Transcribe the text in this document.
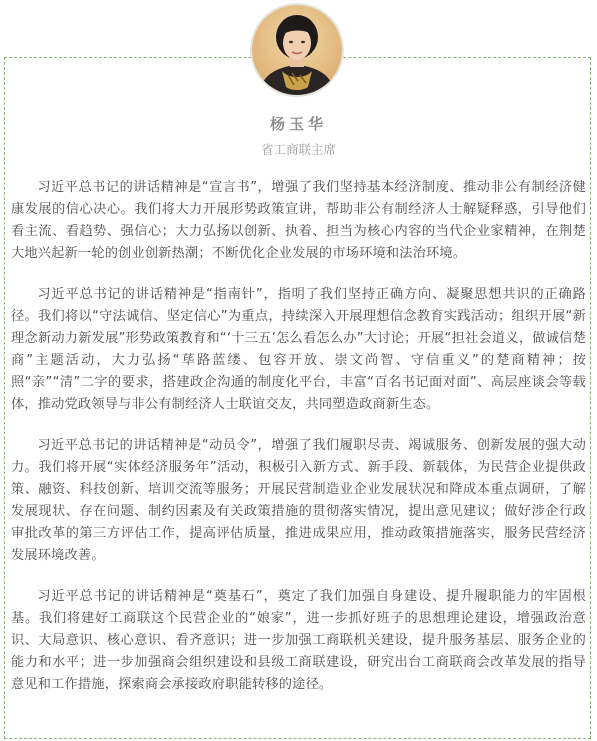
杨玉华
省工商联主席

习近平总书记的讲话精神是“宣言书”，增强了我们坚持基本经济制度、推动非公有制经济健康发展的信心决心。我们将大力开展形势政策宣讲，帮助非公有制经济人士解疑释惑，引导他们看主流、看趋势、强信心；大力弘扬以创新、执着、担当为核心内容的当代企业家精神，在荆楚大地兴起新一轮的创业创新热潮；不断优化企业发展的市场环境和法治环境。

习近平总书记的讲话精神是“指南针”，指明了我们坚持正确方向、凝聚思想共识的正确路径。我们将以“守法诚信、坚定信心”为重点，持续深入开展理想信念教育实践活动；组织开展“新理念新动力新发展”形势政策教育和“‘十三五’怎么看怎么办”大讨论；开展“担社会道义，做诚信楚商”主题活动，大力弘扬“荜路蓝缕、包容开放、崇文尚智、守信重义”的楚商精神；按照“亲”“清”二字的要求，搭建政企沟通的制度化平台，丰富“百名书记面对面”、高层座谈会等载体，推动党政领导与非公有制经济人士联谊交友，共同塑造政商新生态。

习近平总书记的讲话精神是“动员令”，增强了我们履职尽责、竭诚服务、创新发展的强大动力。我们将开展“实体经济服务年”活动，积极引入新方式、新手段、新载体，为民营企业提供政策、融资、科技创新、培训交流等服务；开展民营制造业企业发展状况和降成本重点调研，了解发展现状、存在问题、制约因素及有关政策措施的贯彻落实情况，提出意见建议；做好涉企行政审批改革的第三方评估工作，提高评估质量，推进成果应用，推动政策措施落实，服务民营经济发展环境改善。

习近平总书记的讲话精神是“奠基石”，奠定了我们加强自身建设、提升履职能力的牢固根基。我们将建好工商联这个民营企业的“娘家”，进一步抓好班子的思想理论建设，增强政治意识、大局意识、核心意识、看齐意识；进一步加强工商联机关建设，提升服务基层、服务企业的能力和水平；进一步加强商会组织建设和县级工商联建设，研究出台工商联商会改革发展的指导意见和工作措施，探索商会承接政府职能转移的途径。
